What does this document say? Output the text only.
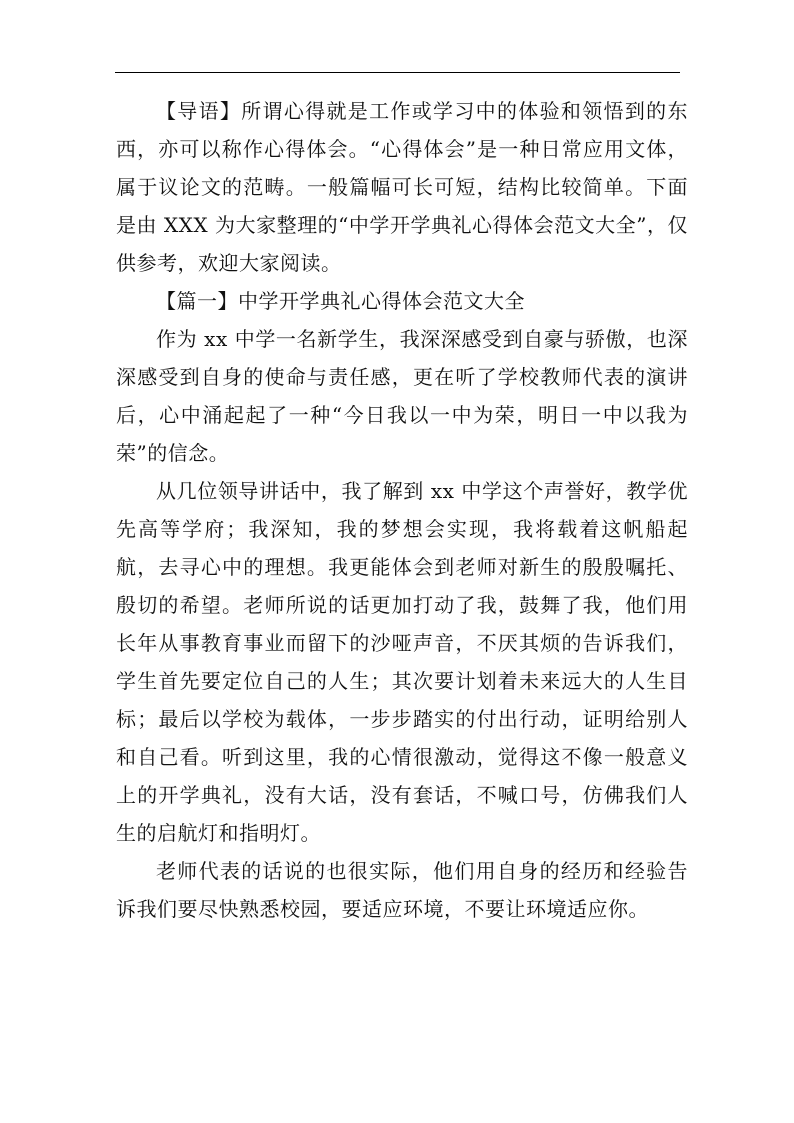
【导语】所谓心得就是工作或学习中的体验和领悟到的东西，亦可以称作心得体会。“心得体会”是一种日常应用文体，属于议论文的范畴。一般篇幅可长可短，结构比较简单。下面是由 XXX 为大家整理的“中学开学典礼心得体会范文大全”，仅供参考，欢迎大家阅读。

【篇一】中学开学典礼心得体会范文大全

作为 xx 中学一名新学生，我深深感受到自豪与骄傲，也深深感受到自身的使命与责任感，更在听了学校教师代表的演讲后，心中涌起起了一种“今日我以一中为荣，明日一中以我为荣”的信念。

从几位领导讲话中，我了解到 xx 中学这个声誉好，教学优先高等学府；我深知，我的梦想会实现，我将载着这帆船起航，去寻心中的理想。我更能体会到老师对新生的殷殷嘱托、殷切的希望。老师所说的话更加打动了我，鼓舞了我，他们用长年从事教育事业而留下的沙哑声音，不厌其烦的告诉我们，学生首先要定位自己的人生；其次要计划着未来远大的人生目标；最后以学校为载体，一步步踏实的付出行动，证明给别人和自己看。听到这里，我的心情很激动，觉得这不像一般意义上的开学典礼，没有大话，没有套话，不喊口号，仿佛我们人生的启航灯和指明灯。

老师代表的话说的也很实际，他们用自身的经历和经验告诉我们要尽快熟悉校园，要适应环境，不要让环境适应你。
